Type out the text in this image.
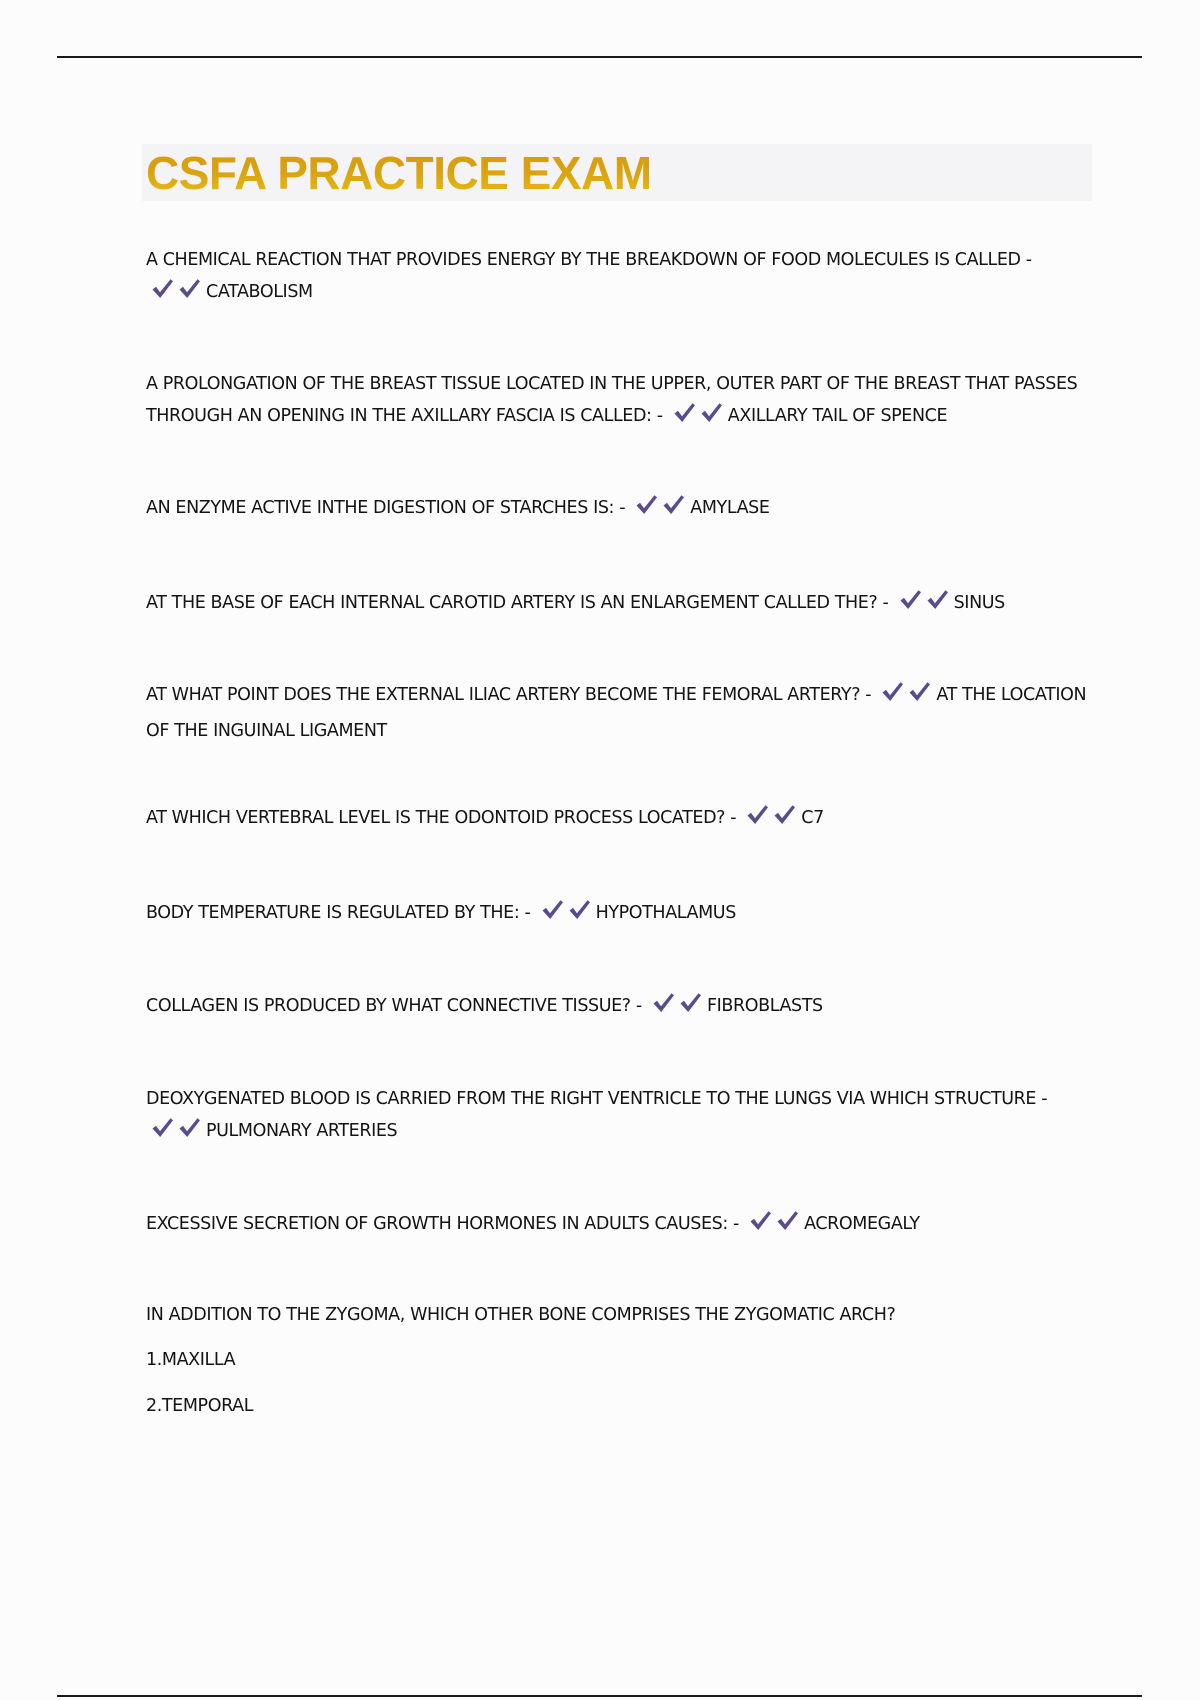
CSFA PRACTICE EXAM
A CHEMICAL REACTION THAT PROVIDES ENERGY BY THE BREAKDOWN OF FOOD MOLECULES IS CALLED -
CATABOLISM
A PROLONGATION OF THE BREAST TISSUE LOCATED IN THE UPPER, OUTER PART OF THE BREAST THAT PASSES THROUGH AN OPENING IN THE AXILLARY FASCIA IS CALLED: -	AXILLARY TAIL OF SPENCE
AN ENZYME ACTIVE INTHE DIGESTION OF STARCHES IS: -	AMYLASE
AT THE BASE OF EACH INTERNAL CAROTID ARTERY IS AN ENLARGEMENT CALLED THE? -	SINUS
AT WHAT POINT DOES THE EXTERNAL ILIAC ARTERY BECOME THE FEMORAL ARTERY? -	AT THE LOCATION OF THE INGUINAL LIGAMENT
AT WHICH VERTEBRAL LEVEL IS THE ODONTOID PROCESS LOCATED? -	C7
BODY TEMPERATURE IS REGULATED BY THE: -	HYPOTHALAMUS
COLLAGEN IS PRODUCED BY WHAT CONNECTIVE TISSUE? -	FIBROBLASTS
DEOXYGENATED BLOOD IS CARRIED FROM THE RIGHT VENTRICLE TO THE LUNGS VIA WHICH STRUCTURE -
PULMONARY ARTERIES
EXCESSIVE SECRETION OF GROWTH HORMONES IN ADULTS CAUSES: -	ACROMEGALY
IN ADDITION TO THE ZYGOMA, WHICH OTHER BONE COMPRISES THE ZYGOMATIC ARCH?
1.MAXILLA
2.TEMPORAL
